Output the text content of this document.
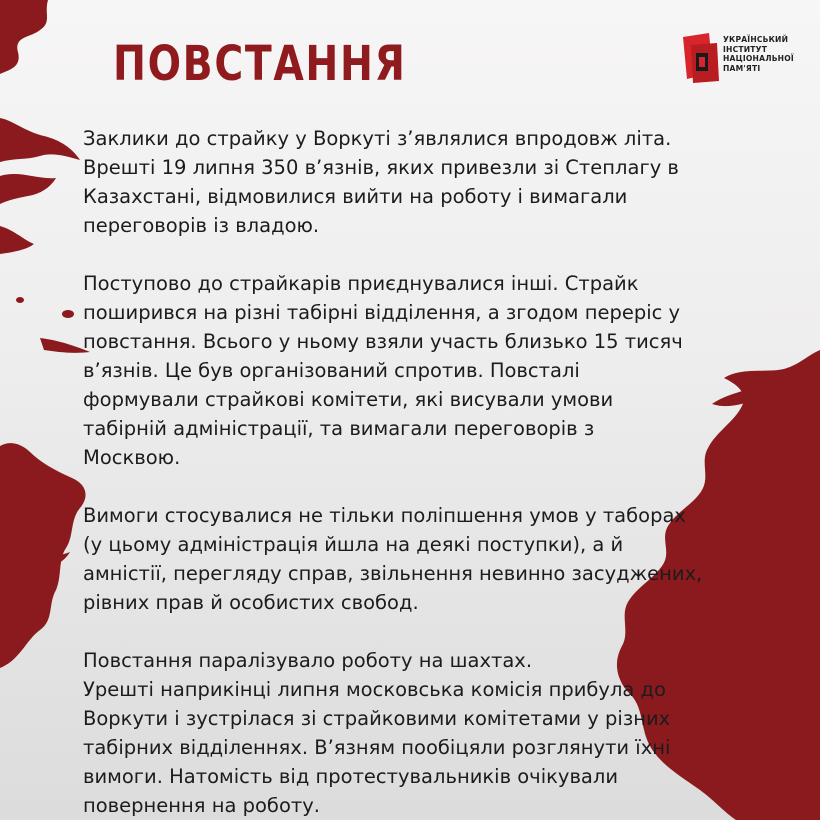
ПОВСТАННЯ	УКРАЇНСЬКИЙ
ІНСТИТУТ
НАЦІОНАЛЬНОЇ
ПАМ'ЯТІ

Заклики до страйку у Воркуті з’являлися впродовж літа.
Врешті 19 липня 350 в’язнів, яких привезли зі Степлагу в
Казахстані, відмовилися вийти на роботу і вимагали
переговорів із владою.

Поступово до страйкарів приєднувалися інші. Страйк
поширився на різні табірні відділення, а згодом переріс у
повстання. Всього у ньому взяли участь близько 15 тисяч
в’язнів. Це був організований спротив. Повсталі
формували страйкові комітети, які висували умови
табірній адміністрації, та вимагали переговорів з
Москвою.

Вимоги стосувалися не тільки поліпшення умов у таборах
(у цьому адміністрація йшла на деякі поступки), а й
амністії, перегляду справ, звільнення невинно засуджених,
рівних прав й особистих свобод.

Повстання паралізувало роботу на шахтах.
Урешті наприкінці липня московська комісія прибула до
Воркути і зустрілася зі страйковими комітетами у різних
табірних відділеннях. В’язням пообіцяли розглянути їхні
вимоги. Натомість від протестувальників очікували
повернення на роботу.
